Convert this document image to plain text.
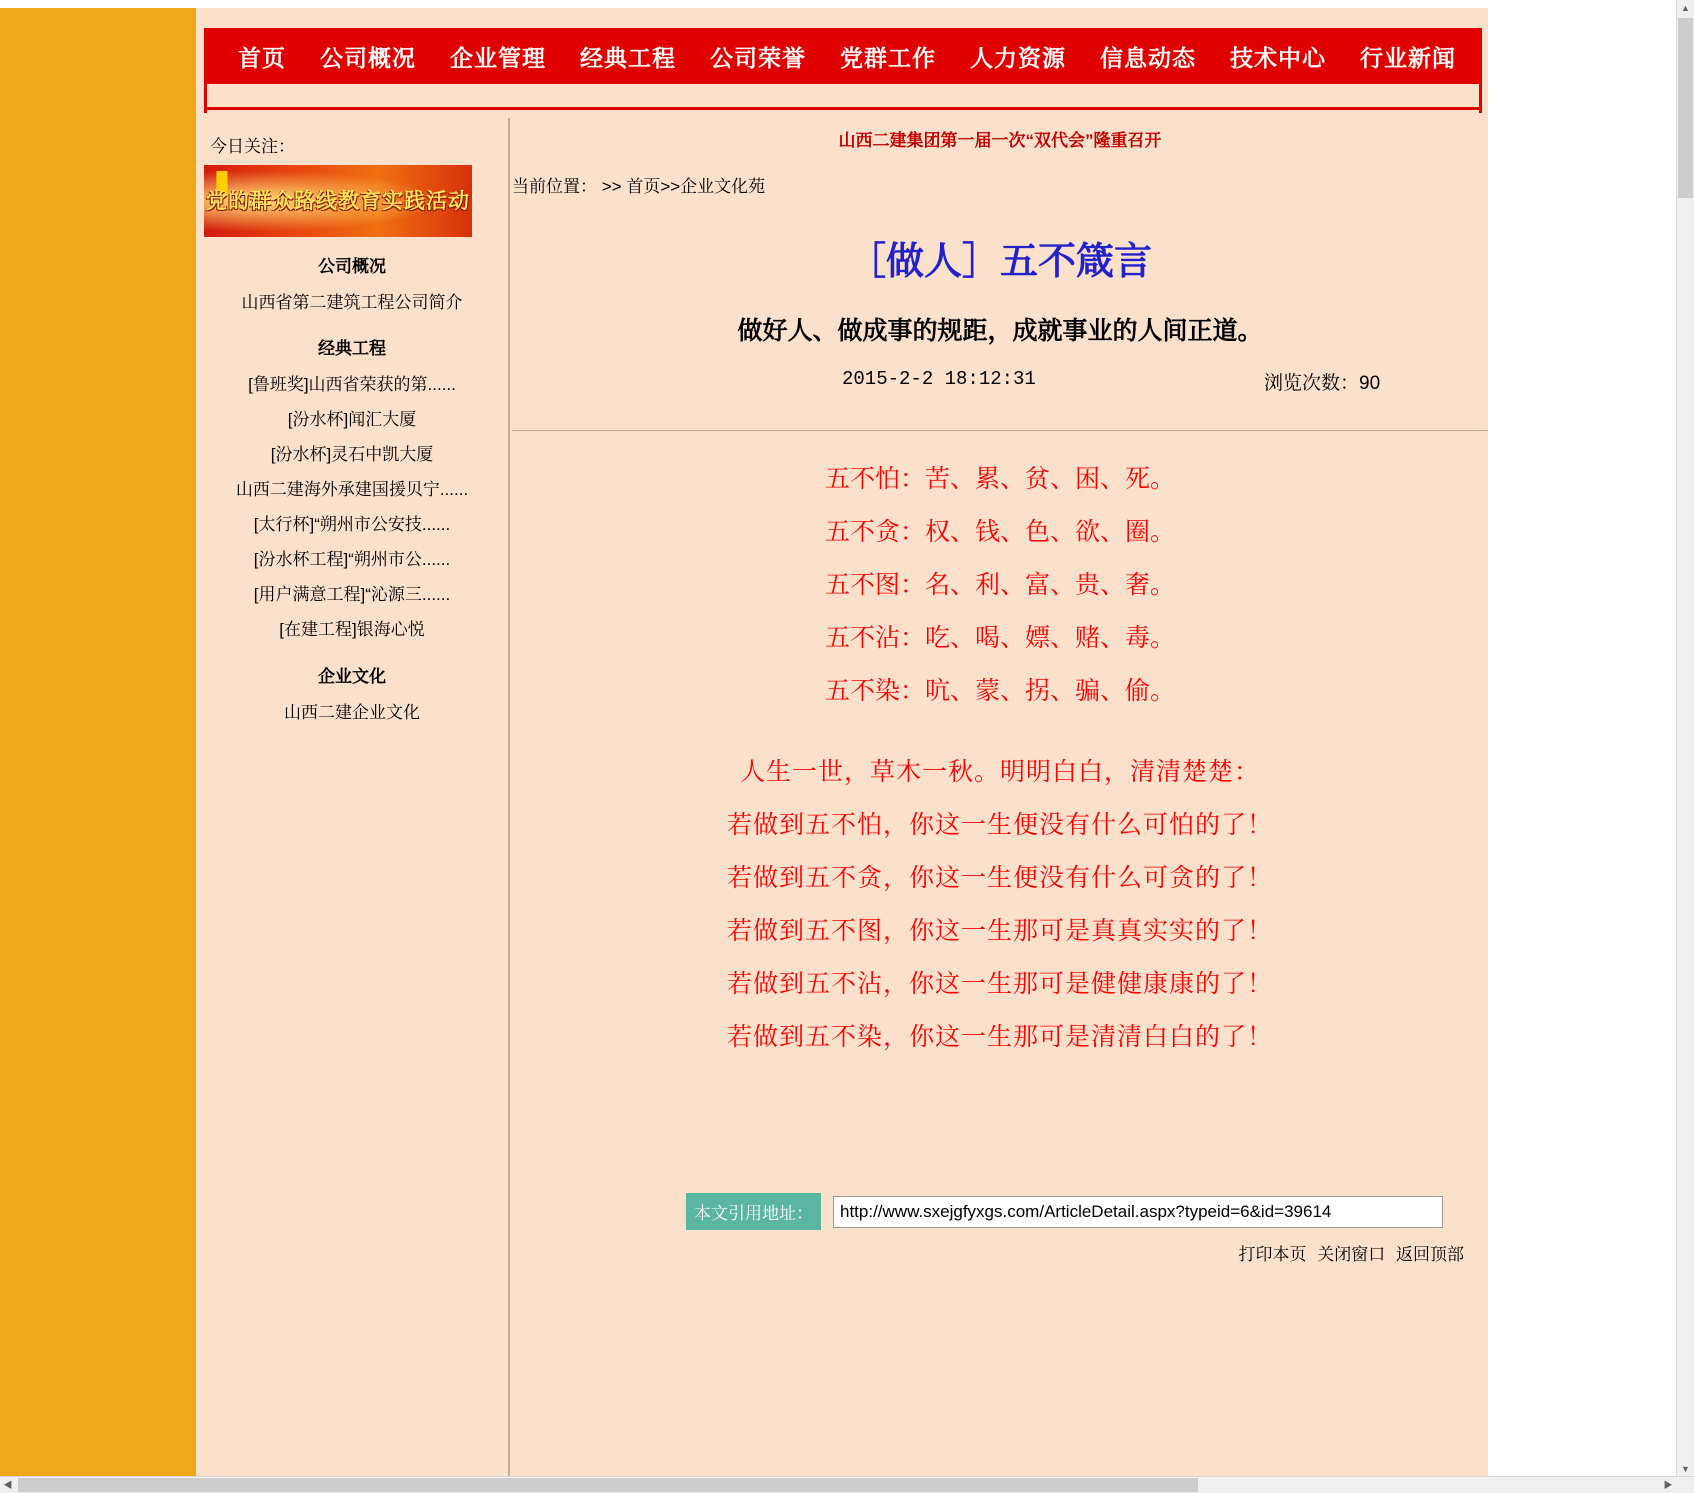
首页	公司概况	企业管理	经典工程	公司荣誉	党群工作	人力资源	信息动态	技术中心	行业新闻	规章制度
今日关注：
党的群众路线教育实践活动
公司概况
山西省第二建筑工程公司简介
经典工程
[鲁班奖]山西省荣获的第......
[汾水杯]闻汇大厦
[汾水杯]灵石中凯大厦
山西二建海外承建国援贝宁......
[太行杯]“朔州市公安技......
[汾水杯工程]“朔州市公......
[用户满意工程]“沁源三......
[在建工程]银海心悦
企业文化
山西二建企业文化
山西二建集团第一届一次“双代会”隆重召开
当前位置： >> 首页>>企业文化苑
［做人］五不箴言
做好人、做成事的规距，成就事业的人间正道。
2015-2-2 18:12:31	浏览次数：90
五不怕：苦、累、贫、困、死。
五不贪：权、钱、色、欲、圈。
五不图：名、利、富、贵、奢。
五不沾：吃、喝、嫖、赌、毒。
五不染：吭、蒙、拐、骗、偷。
人生一世，草木一秋。明明白白，清清楚楚：
若做到五不怕，你这一生便没有什么可怕的了！
若做到五不贪，你这一生便没有什么可贪的了！
若做到五不图，你这一生那可是真真实实的了！
若做到五不沾，你这一生那可是健健康康的了！
若做到五不染，你这一生那可是清清白白的了！
本文引用地址：
http://www.sxejgfyxgs.com/ArticleDetail.aspx?typeid=6&id=39614
打印本页 关闭窗口 返回顶部
▲
▼
◀	▶
